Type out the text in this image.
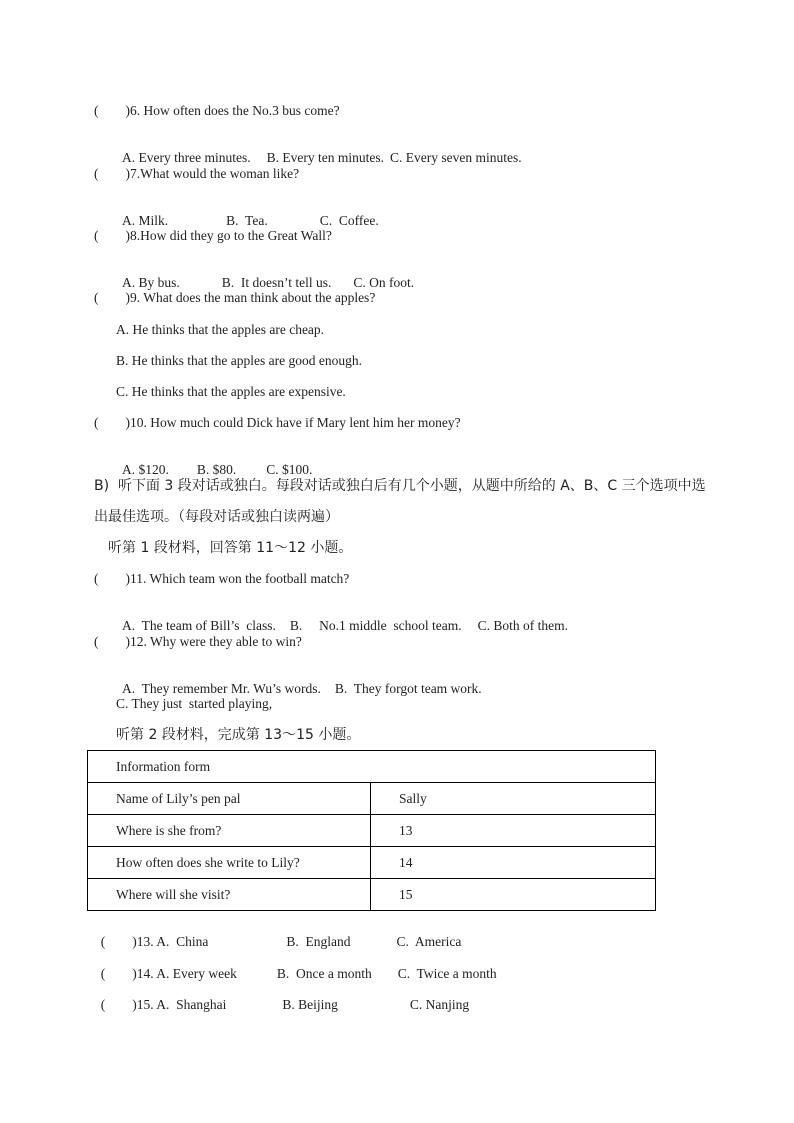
(        )6. How often does the No.3 bus come?

A. Every three minutes. B. Every ten minutes. C. Every seven minutes.

(        )7.What would the woman like?

A. Milk.	B.  Tea.	C.  Coffee.

(        )8.How did they go to the Great Wall?

A. By bus.	B.  It doesn’t tell us. C. On foot.

(        )9. What does the man think about the apples?
A. He thinks that the apples are cheap.
B. He thinks that the apples are good enough.
C. He thinks that the apples are expensive.
(        )10. How much could Dick have if Mary lent him her money?

A. $120. B. $80. C. $100.

B)  听下面 3 段对话或独白。每段对话或独白后有几个小题，从题中所给的 A、B、C 三个选项中选
出最佳选项。（每段对话或独白读两遍）
听第 1 段材料，回答第 11～12 小题。
(        )11. Which team won the football match?

A.  The team of Bill’s  class. B.     No.1 middle  school team. C. Both of them.

(        )12. Why were they able to win?

A.  They remember Mr. Wu’s words. B.  They forgot team work.

C. They just  started playing,
听第 2 段材料，完成第 13～15 小题。
Information form	
Name of Lily’s pen pal	Sally
Where is she from?	13
How often does she write to Lily?	14
Where will she visit?	15

(        )13. A.  China	B.  England	C.  America

(        )14. A. Every week	B.  Once a month C.  Twice a month

(        )15. A.  Shanghai	B. Beijing	C. Nanjing
